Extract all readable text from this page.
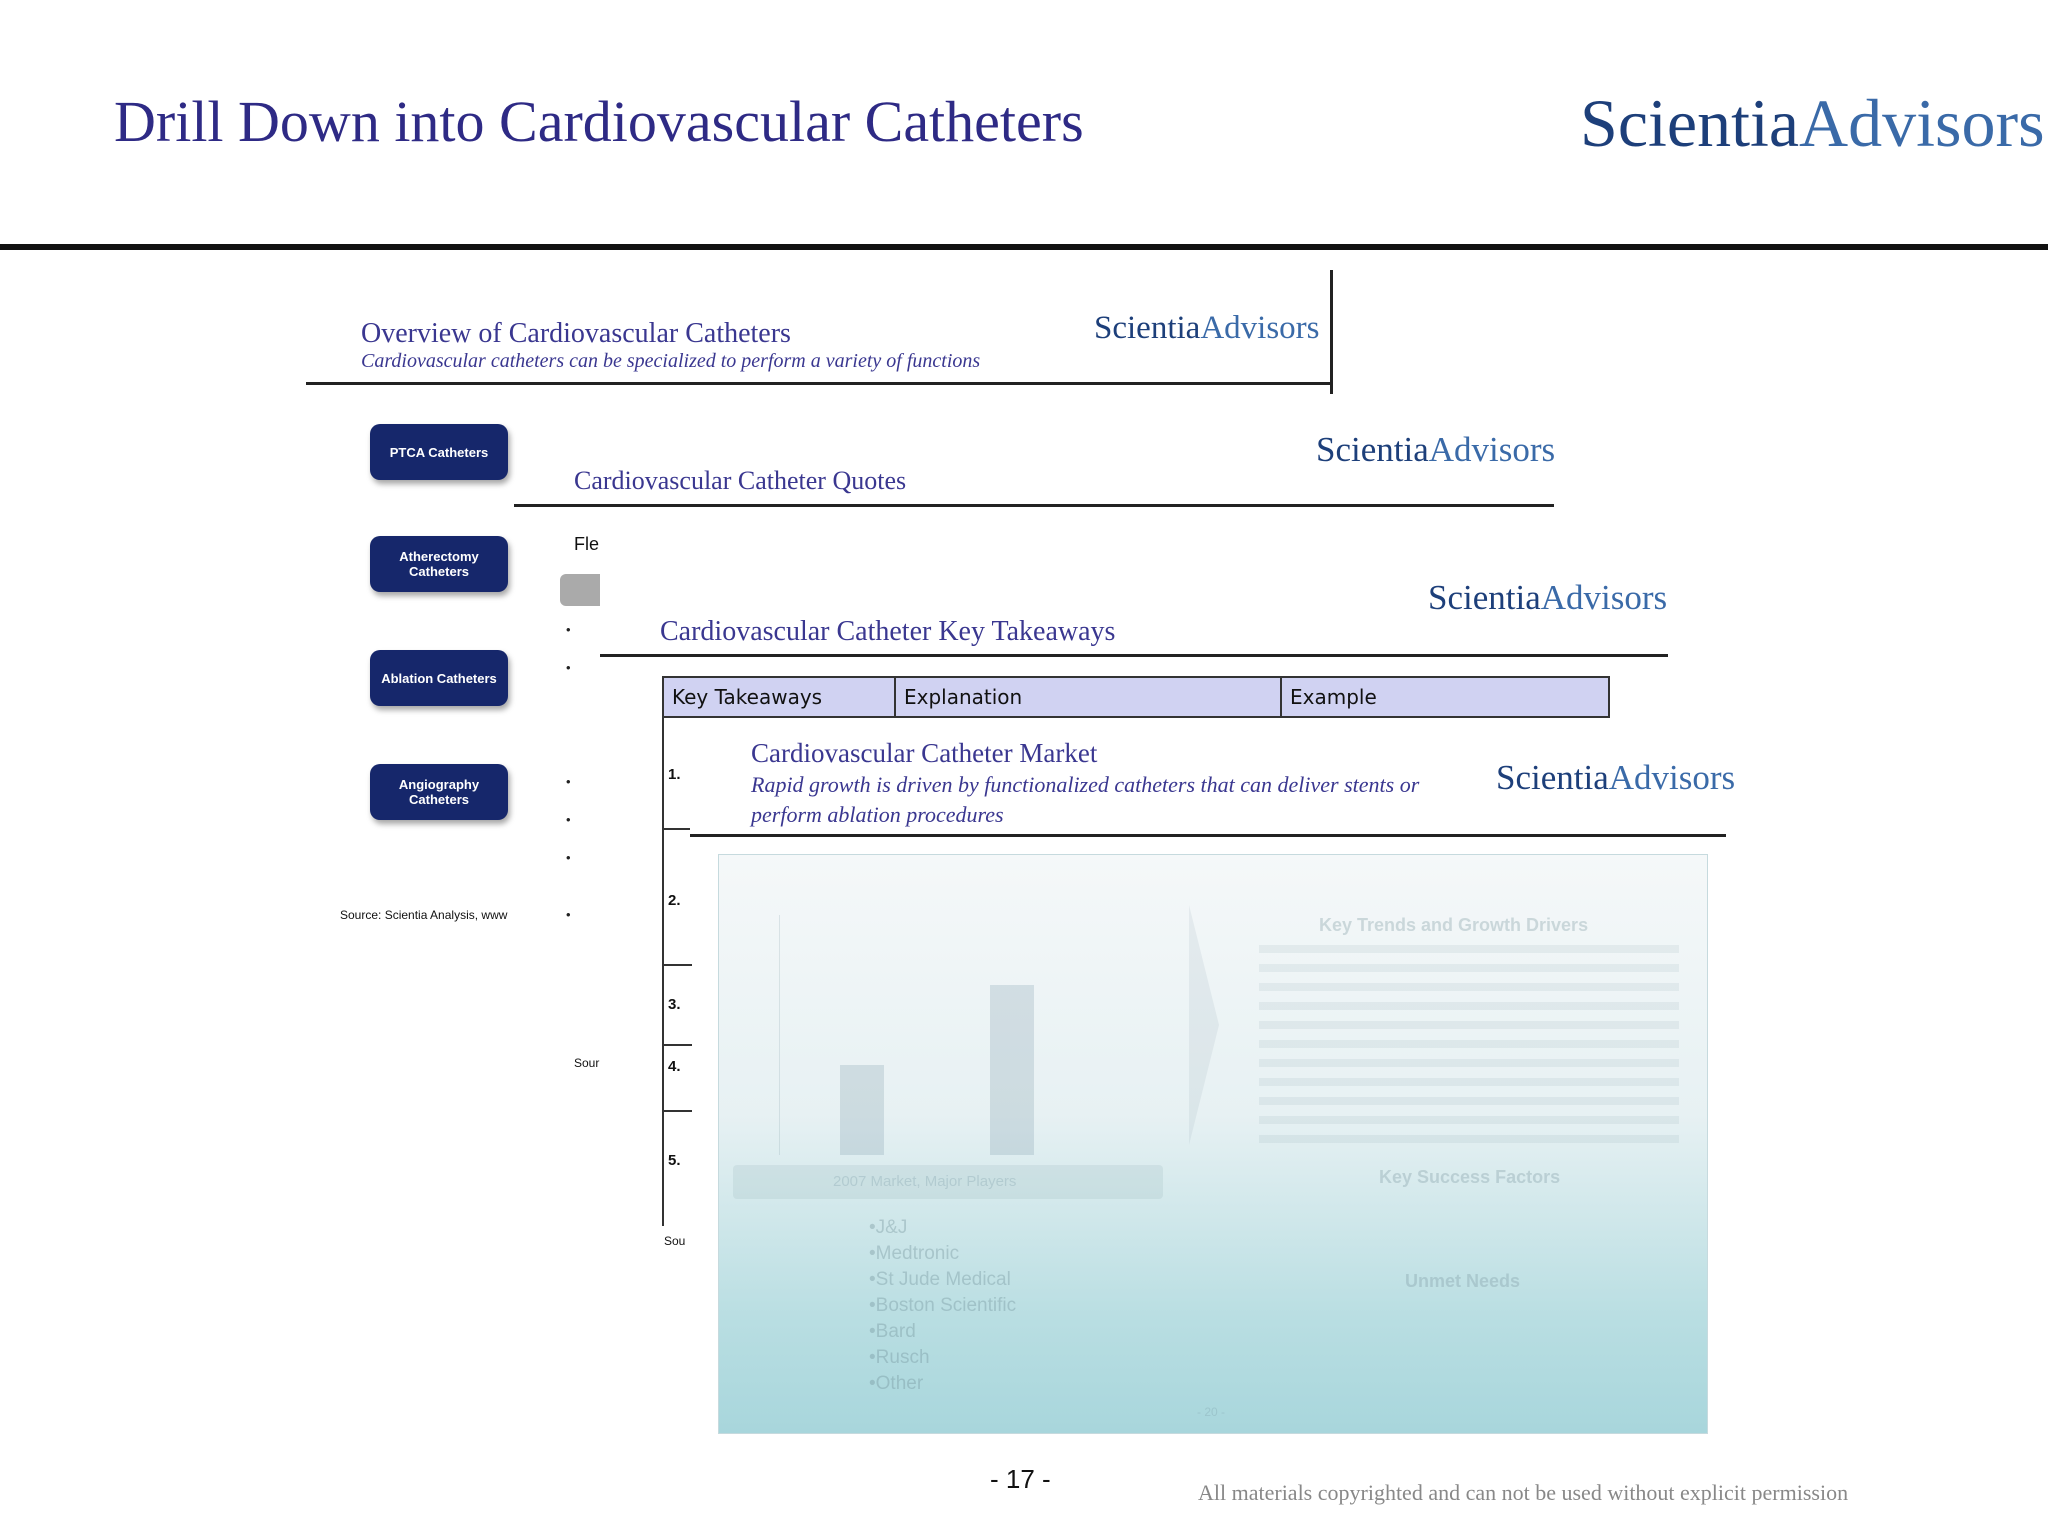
Drill Down into Cardiovascular Catheters	ScientiaAdvisors
Overview of Cardiovascular Catheters
Cardiovascular catheters can be specialized to perform a variety of functions
ScientiaAdvisors
PTCA Catheters
Atherectomy Catheters
Ablation Catheters
Angiography Catheters
Source: Scientia Analysis, www
ScientiaAdvisors
Cardiovascular Catheter Quotes
Fle
•

•

•

•

•

•
Sour
ScientiaAdvisors
Cardiovascular Catheter Key Takeaways
Key Takeaways	Explanation	Example
1.
2.
3.
4.
5.
Sou
Cardiovascular Catheter Market
Rapid growth is driven by functionalized catheters that can deliver stents or perform ablation procedures
ScientiaAdvisors
Key Trends and Growth Drivers
Key Success Factors
Unmet Needs
2007 Market, Major Players
•J&J
•Medtronic
•St Jude Medical
•Boston Scientific
•Bard
•Rusch
•Other
- 20 -
- 17 -	All materials copyrighted and can not be used without explicit permission
